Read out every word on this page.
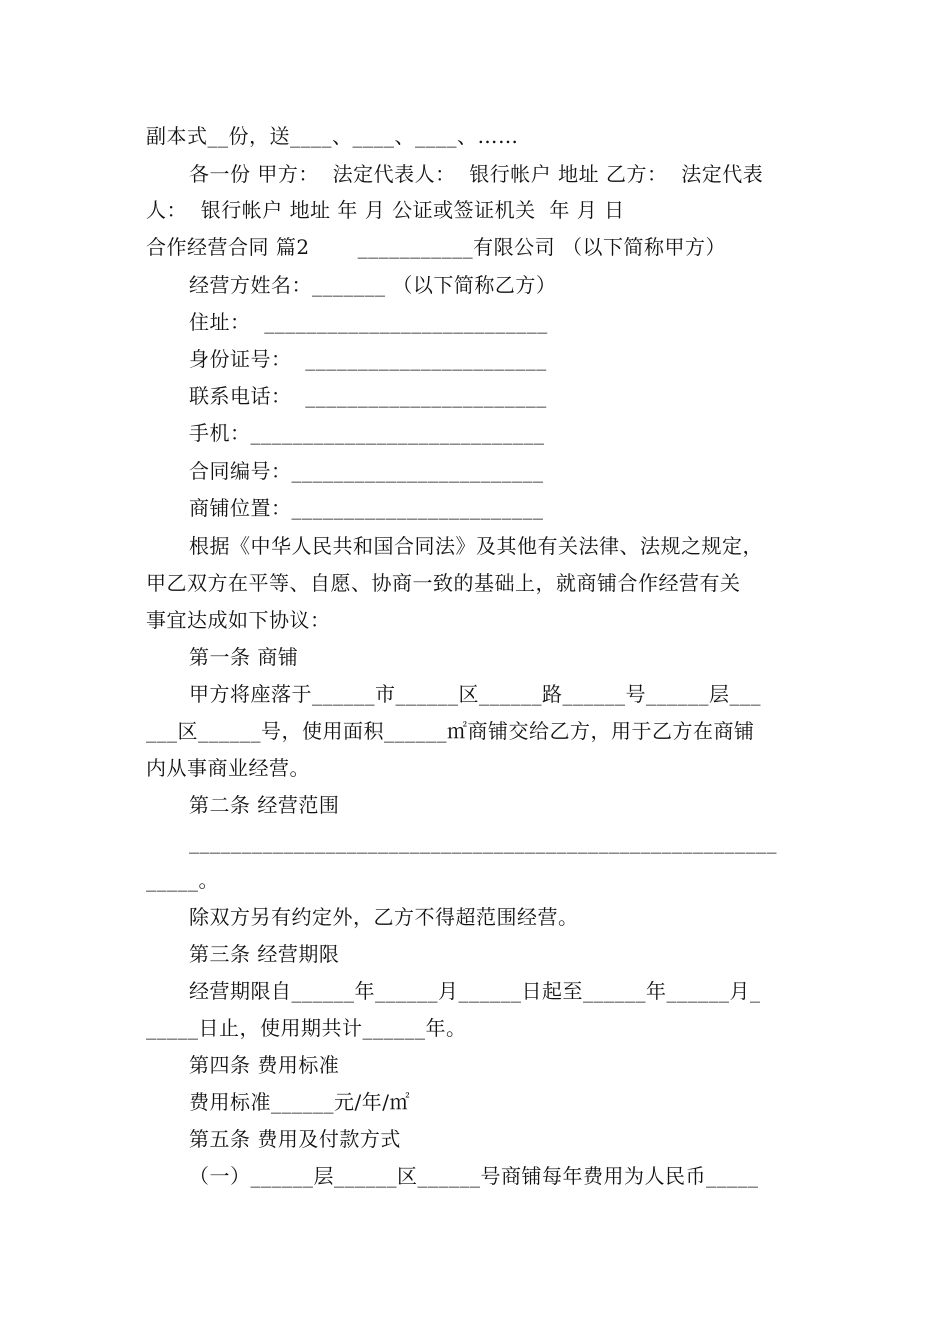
副本式__份，送____、____、____、……
各一份 甲方：  法定代表人：  银行帐户 地址 乙方：  法定代表
人：  银行帐户 地址 年 月 公证或签证机关  年 月 日
合作经营合同 篇2       ___________有限公司 （以下简称甲方）
经营方姓名：_______ （以下简称乙方）
住址：  ___________________________
身份证号：  _______________________
联系电话：  _______________________
手机：____________________________
合同编号：________________________
商铺位置：________________________
根据《中华人民共和国合同法》及其他有关法律、法规之规定，
甲乙双方在平等、自愿、协商一致的基础上，就商铺合作经营有关
事宜达成如下协议：
第一条 商铺
甲方将座落于______市______区______路______号______层___
___区______号，使用面积______㎡商铺交给乙方，用于乙方在商铺
内从事商业经营。
第二条 经营范围
________________________________________________________
_____。
除双方另有约定外，乙方不得超范围经营。
第三条 经营期限
经营期限自______年______月______日起至______年______月_
_____日止，使用期共计______年。
第四条 费用标准
费用标准______元/年/㎡
第五条 费用及付款方式
（一）______层______区______号商铺每年费用为人民币_____
